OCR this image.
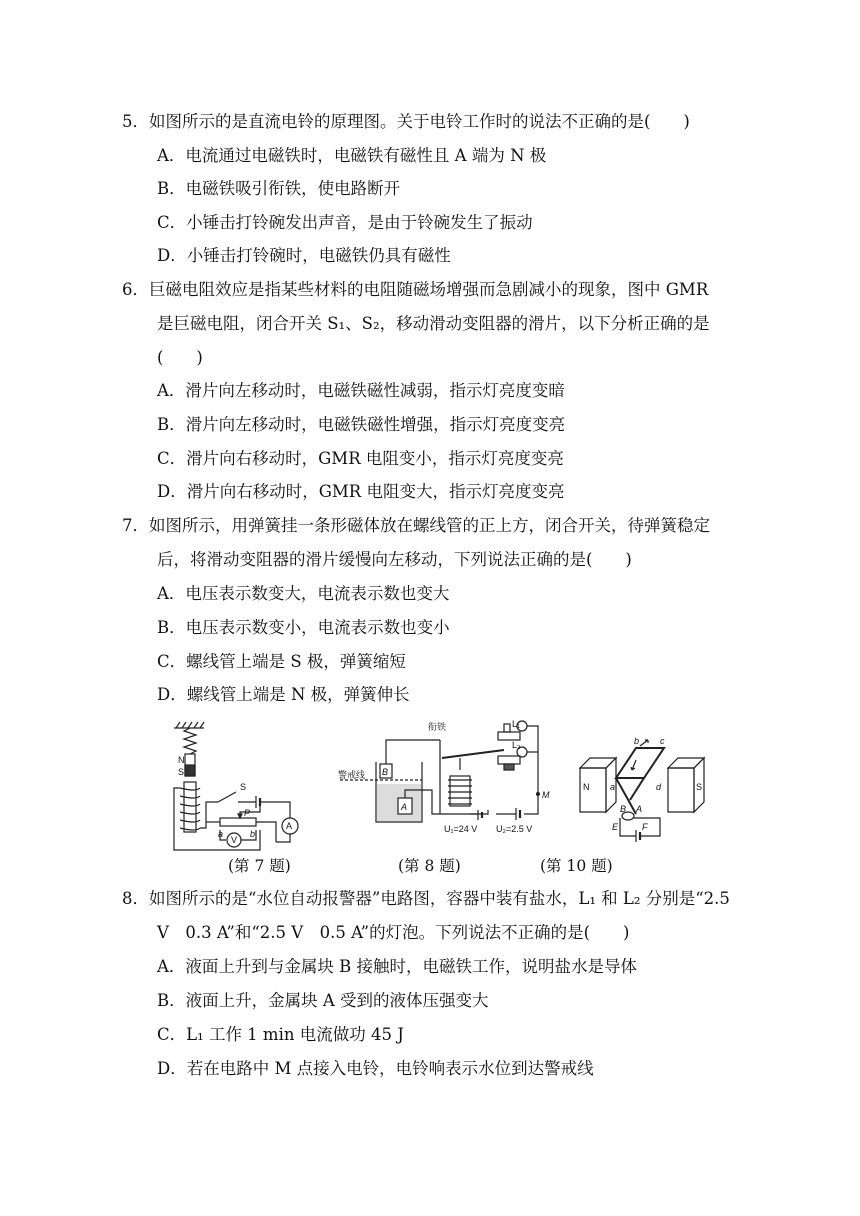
5．如图所示的是直流电铃的原理图。关于电铃工作时的说法不正确的是(　　)
A．电流通过电磁铁时，电磁铁有磁性且 A 端为 N 极
B．电磁铁吸引衔铁，使电路断开
C．小锤击打铃碗发出声音，是由于铃碗发生了振动
D．小锤击打铃碗时，电磁铁仍具有磁性
6．巨磁电阻效应是指某些材料的电阻随磁场增强而急剧减小的现象，图中 GMR
是巨磁电阻，闭合开关 S₁、S₂，移动滑动变阻器的滑片，以下分析正确的是
(　　)
A．滑片向左移动时，电磁铁磁性减弱，指示灯亮度变暗
B．滑片向左移动时，电磁铁磁性增强，指示灯亮度变亮
C．滑片向右移动时，GMR 电阻变小，指示灯亮度变亮
D．滑片向右移动时，GMR 电阻变大，指示灯亮度变亮
7．如图所示，用弹簧挂一条形磁体放在螺线管的正上方，闭合开关，待弹簧稳定
后，将滑动变阻器的滑片缓慢向左移动，下列说法正确的是(　　)
A．电压表示数变大，电流表示数也变大
B．电压表示数变小，电流表示数也变小
C．螺线管上端是 S 极，弹簧缩短
D．螺线管上端是 N 极，弹簧伸长
N
S
S
P
a	b
A
V
衔铁
警戒线 B
A
L₁
L₂
M
U₁=24 V U₂=2.5 V
N	S
a
b c
d
A
B
E	F
(第 7 题)	(第 8 题)	(第 10 题)
8．如图所示的是“水位自动报警器”电路图，容器中装有盐水，L₁ 和 L₂ 分别是“2.5
V　0.3 A”和“2.5 V　0.5 A”的灯泡。下列说法不正确的是(　　)
A．液面上升到与金属块 B 接触时，电磁铁工作，说明盐水是导体
B．液面上升，金属块 A 受到的液体压强变大
C．L₁ 工作 1 min 电流做功 45 J
D．若在电路中 M 点接入电铃，电铃响表示水位到达警戒线
